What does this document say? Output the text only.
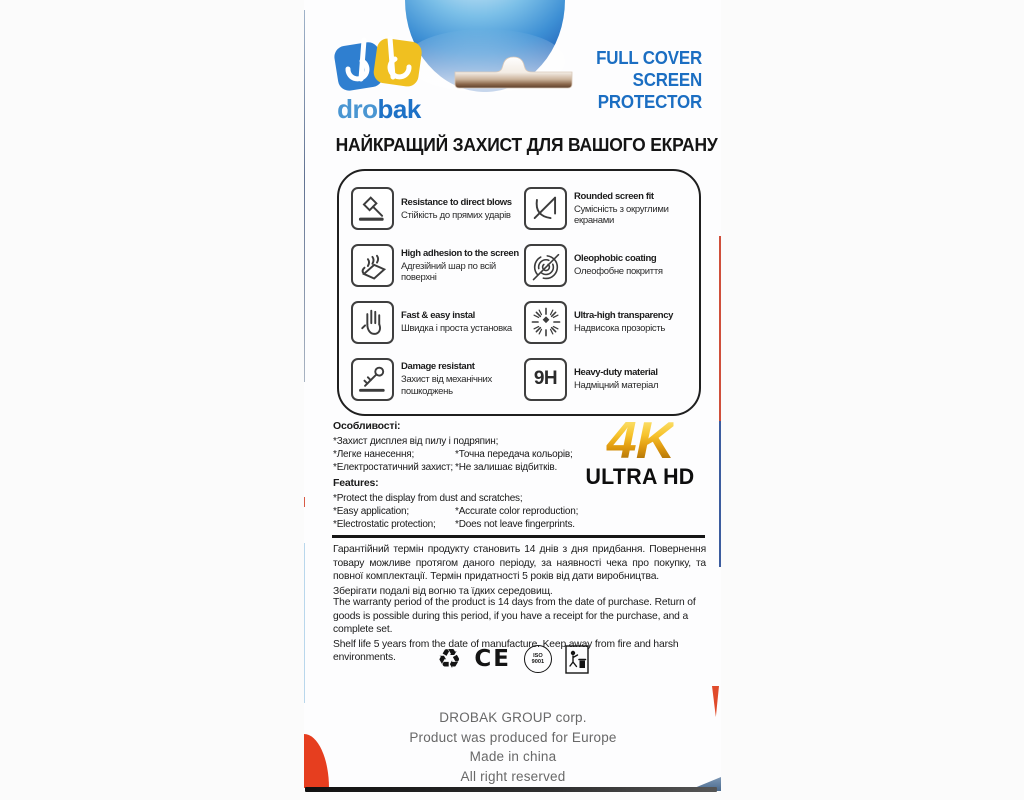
drobak
FULL COVER
SCREEN
PROTECTOR
НАЙКРАЩИЙ ЗАХИСТ ДЛЯ ВАШОГО ЕКРАНУ
Resistance to direct blows
Стійкість до прямих ударів
High adhesion to the screen
Адгезійний шар по всій поверхні
Fast & easy instal
Швидка і проста установка
Damage resistant
Захист від механічних пошкоджень
Rounded screen fit
Сумісність з округлими екранами
Oleophobic coating
Олеофобне покриття
Ultra-high transparency
Надвисока прозорість
9H Heavy-duty material
Надміцний матеріал
Особливості:
*Захист дисплея від пилу і подряпин;
*Легке нанесення;	*Точна передача кольорів;
*Електростатичний захист; *Не залишає відбитків.
Features:
*Protect the display from dust and scratches;
*Easy application;	*Accurate color reproduction;
*Electrostatic protection;	*Does not leave fingerprints.
4K
ULTRA HD

Гарантійний термін продукту становить 14 днів з дня придбання. Повернення товару можливе протягом даного періоду, за наявності чека про покупку, та повної комплектації. Термін придатності 5 років від дати виробництва.

Зберігати подалі від вогню та їдких середовищ.

The warranty period of the product is 14 days from the date of purchase. Return of goods is possible during this period, if you have a receipt for the purchase, and a complete set.

Shelf life 5 years from the date of manufacture. Keep away from fire and harsh environments.	♻ CE	ISO
9001
DROBAK GROUP corp.
Product was produced for Europe
Made in china
All right reserved
